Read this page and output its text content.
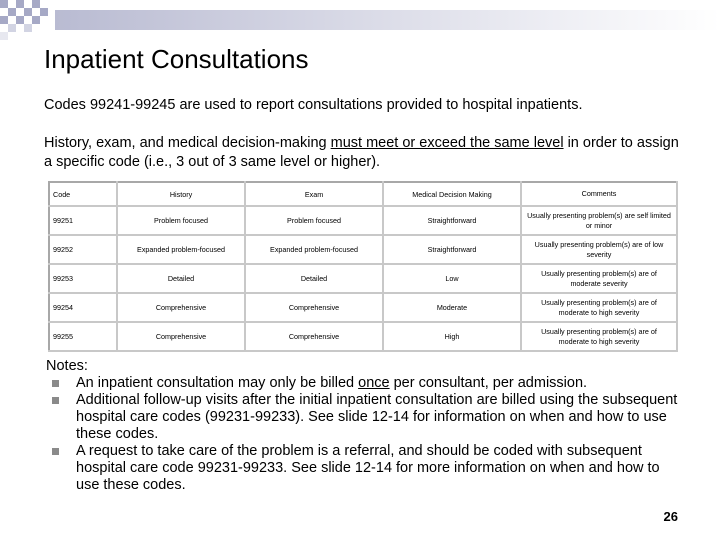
Inpatient Consultations
Codes 99241-99245 are used to report consultations provided to hospital inpatients.
History, exam, and medical decision-making must meet or exceed the same level in order to assign a specific code (i.e., 3 out of 3 same level or higher).
Code	History	Exam	Medical Decision Making	Comments
99251	Problem focused	Problem focused	Straightforward	Usually presenting problem(s) are self limited or minor
99252	Expanded problem-focused	Expanded problem-focused	Straightforward	Usually presenting problem(s) are of low severity
99253	Detailed	Detailed	Low	Usually presenting problem(s) are of moderate severity
99254	Comprehensive	Comprehensive	Moderate	Usually presenting problem(s) are of moderate to high severity
99255	Comprehensive	Comprehensive	High	Usually presenting problem(s) are of moderate to high severity
Notes:
An inpatient consultation may only be billed once per consultant, per admission.
Additional follow-up visits after the initial inpatient consultation are billed using the subsequent hospital care codes (99231-99233). See slide 12-14 for information on when and how to use these codes.
A request to take care of the problem is a referral, and should be coded with subsequent hospital care code 99231-99233. See slide 12-14 for more information on when and how to use these codes.
26
